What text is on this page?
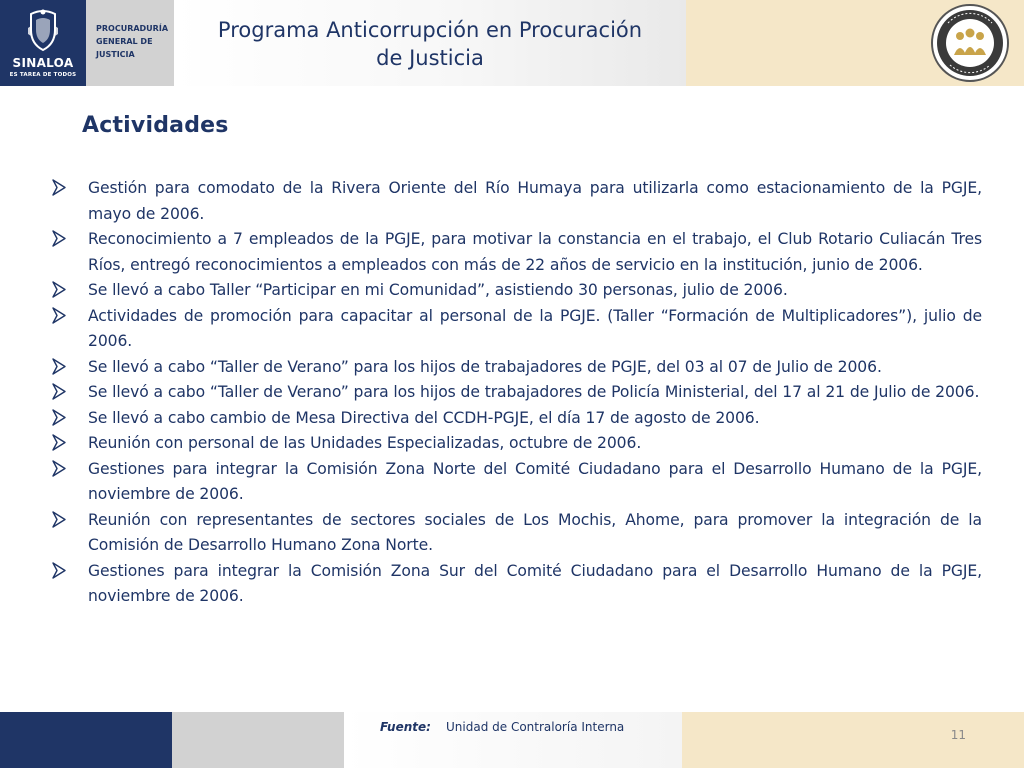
SINALOA
ES TAREA DE TODOS
PROCURADURÍA
GENERAL DE
JUSTICIA
Programa Anticorrupción en Procuración
de Justicia
Actividades
Gestión para comodato de la Rivera Oriente del Río Humaya para utilizarla como estacionamiento de la PGJE, mayo de 2006.
Reconocimiento a 7 empleados de la PGJE, para motivar la constancia en el trabajo, el Club Rotario Culiacán Tres Ríos, entregó reconocimientos a empleados con más de 22 años de servicio en la institución, junio de 2006.
Se llevó a cabo Taller “Participar en mi Comunidad”, asistiendo 30 personas, julio de 2006.
Actividades de promoción para capacitar al personal de la PGJE. (Taller “Formación de Multiplicadores”), julio de 2006.
Se llevó a cabo “Taller de Verano” para los hijos de trabajadores de PGJE, del 03 al 07 de Julio de 2006.
Se llevó a cabo “Taller de Verano” para los hijos de trabajadores de Policía Ministerial, del 17 al 21 de Julio de 2006.
Se llevó a cabo cambio de Mesa Directiva del CCDH-PGJE, el día 17 de agosto de 2006.
Reunión con personal de las Unidades Especializadas, octubre de 2006.
Gestiones para integrar la Comisión Zona Norte del Comité Ciudadano para el Desarrollo Humano de la PGJE, noviembre de 2006.
Reunión con representantes de sectores sociales de Los Mochis, Ahome, para promover la integración de la Comisión de Desarrollo Humano Zona Norte.
Gestiones para integrar la Comisión Zona Sur del Comité Ciudadano para el Desarrollo Humano de la PGJE, noviembre de 2006.
Fuente: Unidad de Contraloría Interna
11
